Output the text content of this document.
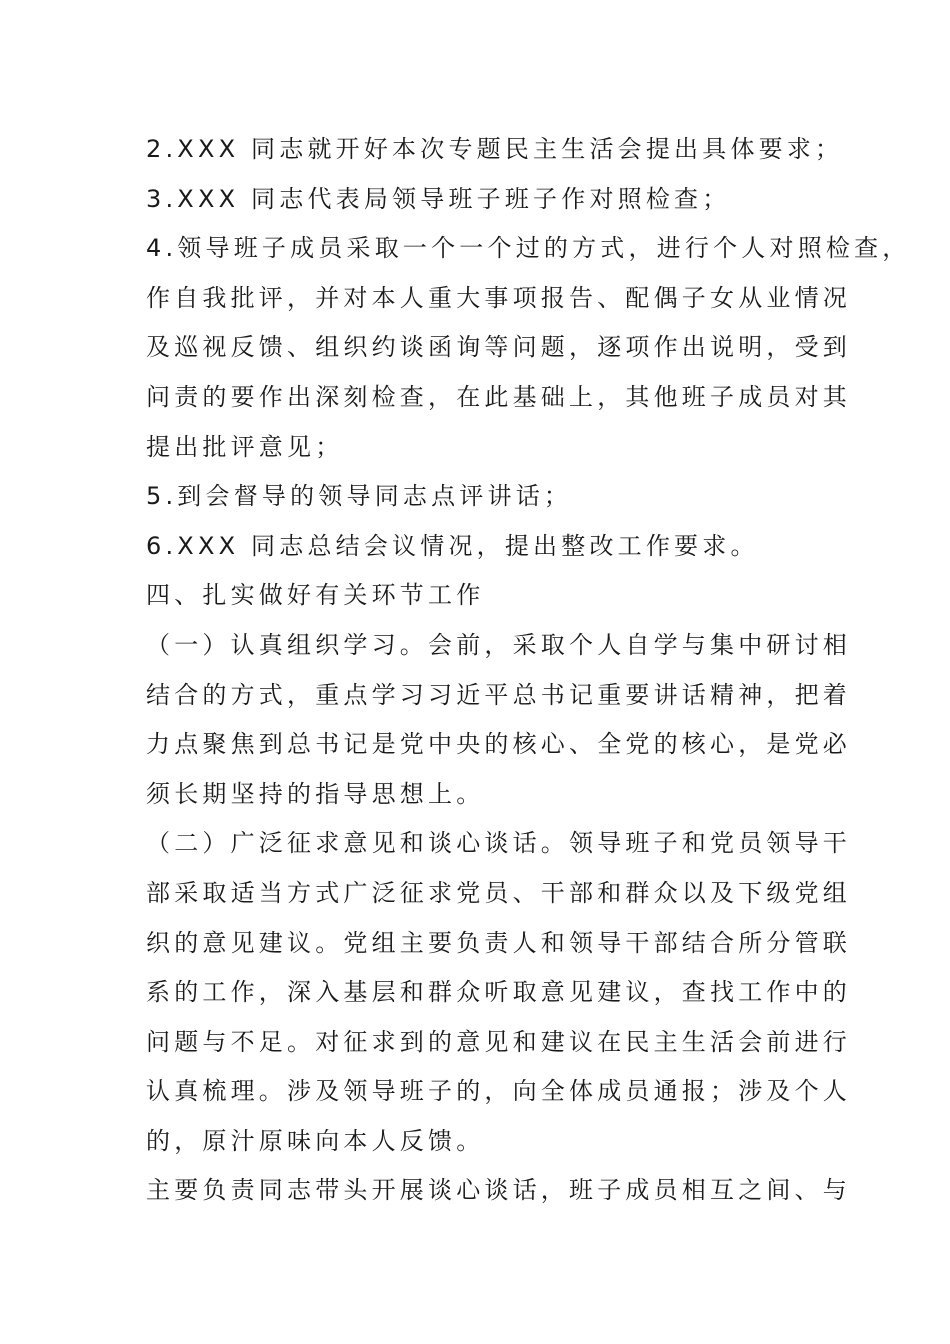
2.XXX 同志就开好本次专题民主生活会提出具体要求；

3.XXX 同志代表局领导班子班子作对照检查；

4.领导班子成员采取一个一个过的方式，进行个人对照检查，
作自我批评，并对本人重大事项报告、配偶子女从业情况
及巡视反馈、组织约谈函询等问题，逐项作出说明，受到
问责的要作出深刻检查，在此基础上，其他班子成员对其
提出批评意见；

5.到会督导的领导同志点评讲话；

6.XXX 同志总结会议情况，提出整改工作要求。

四、扎实做好有关环节工作

（一）认真组织学习。会前，采取个人自学与集中研讨相
结合的方式，重点学习习近平总书记重要讲话精神，把着
力点聚焦到总书记是党中央的核心、全党的核心，是党必
须长期坚持的指导思想上。

（二）广泛征求意见和谈心谈话。领导班子和党员领导干
部采取适当方式广泛征求党员、干部和群众以及下级党组
织的意见建议。党组主要负责人和领导干部结合所分管联
系的工作，深入基层和群众听取意见建议，查找工作中的
问题与不足。对征求到的意见和建议在民主生活会前进行
认真梳理。涉及领导班子的，向全体成员通报；涉及个人
的，原汁原味向本人反馈。

主要负责同志带头开展谈心谈话，班子成员相互之间、与
